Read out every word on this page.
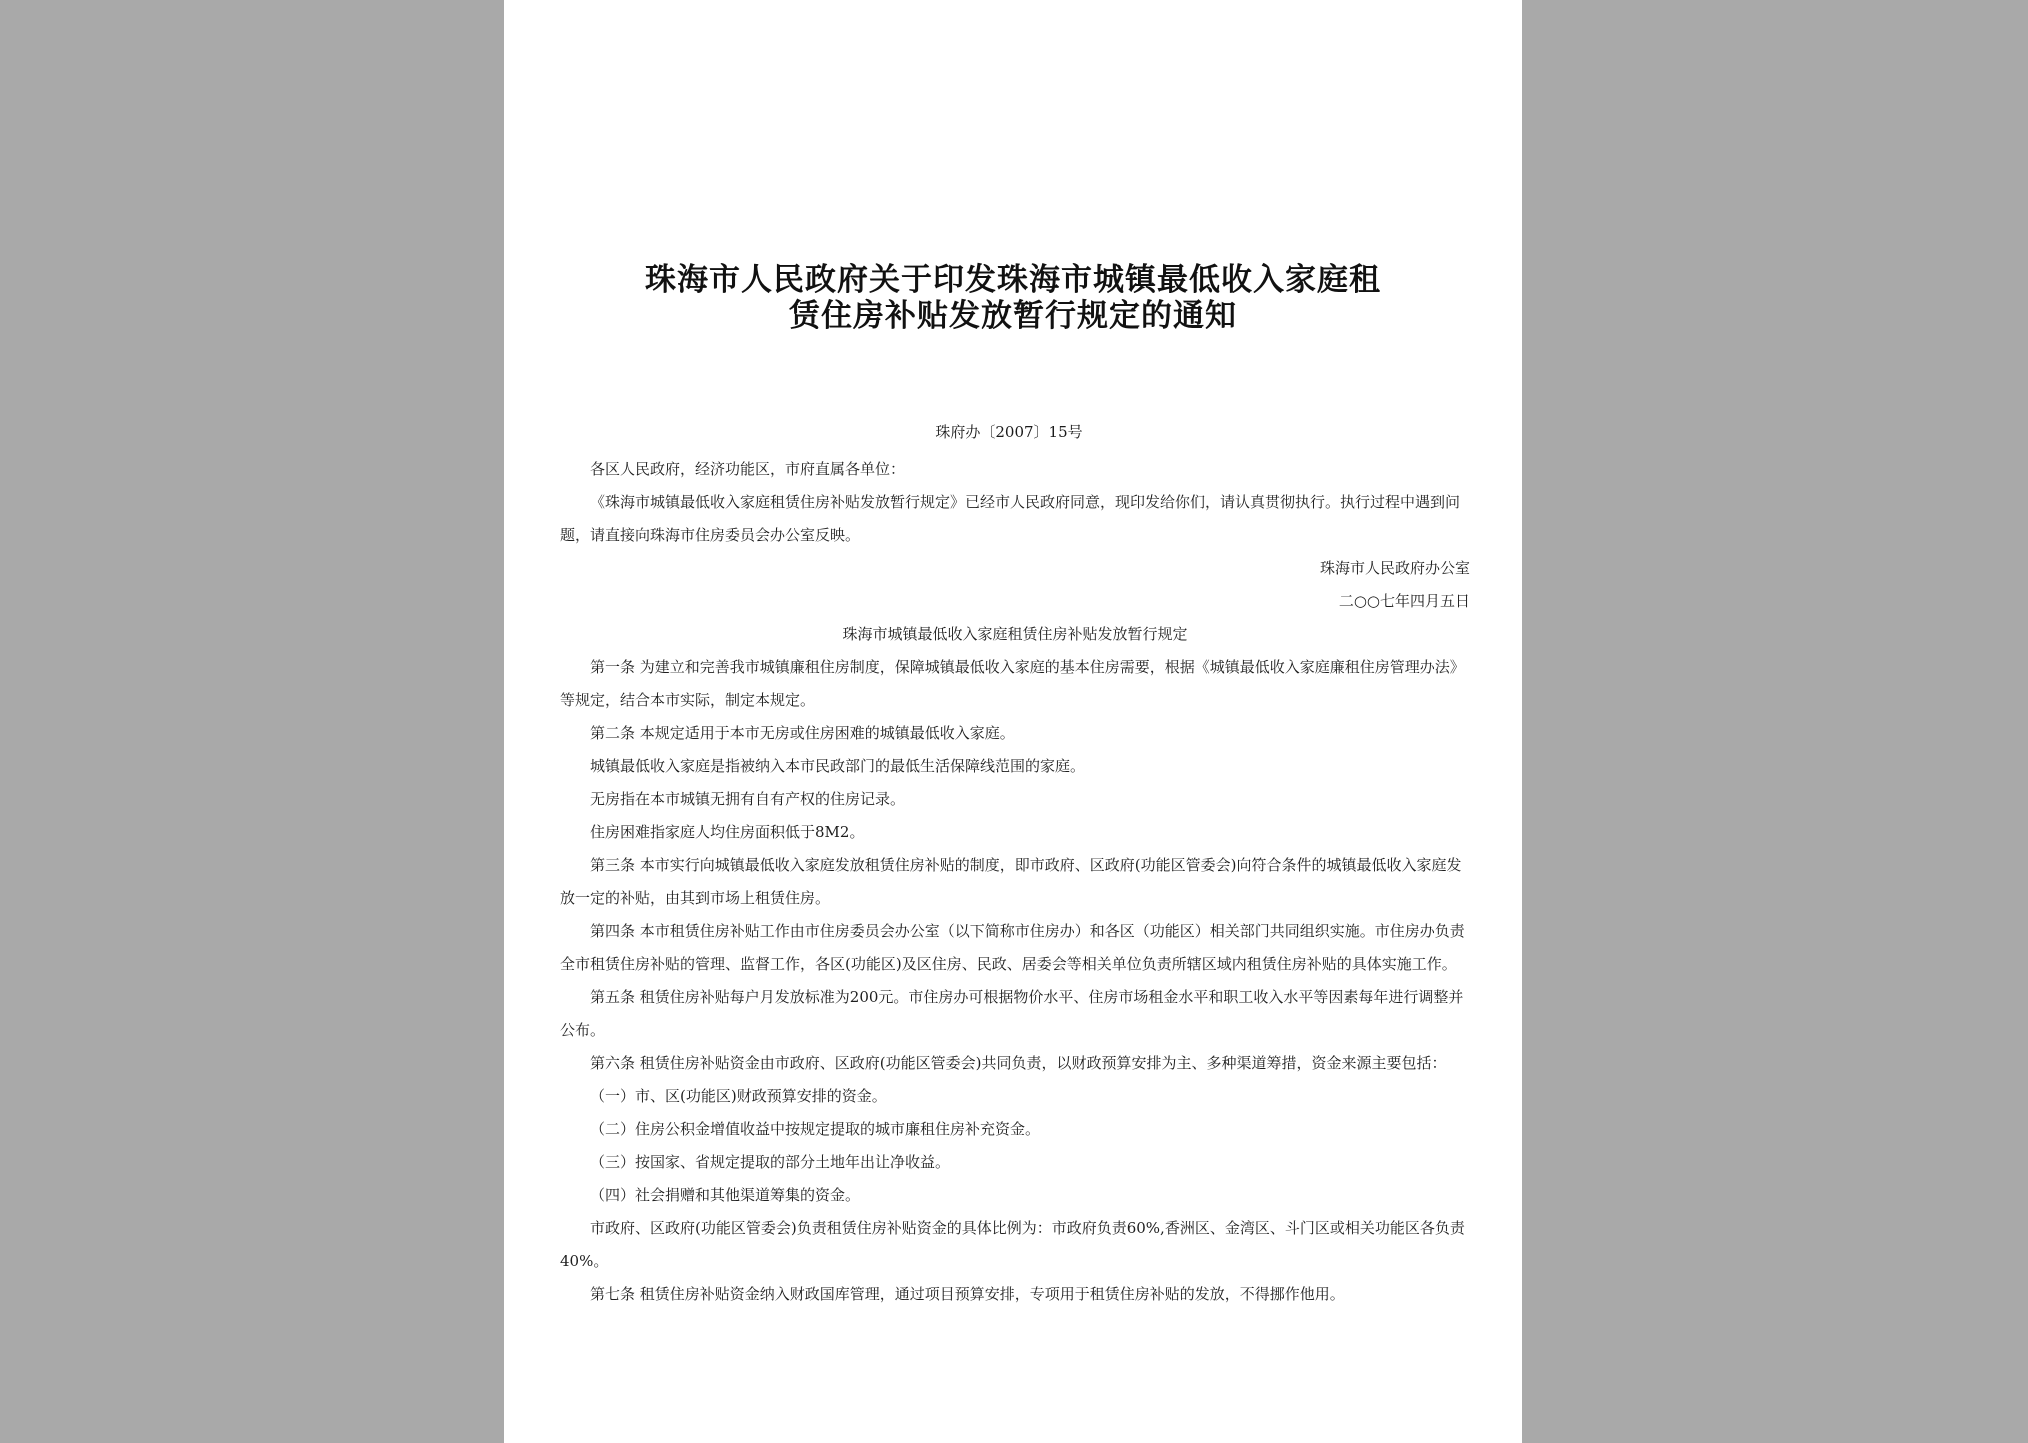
珠海市人民政府关于印发珠海市城镇最低收入家庭租
赁住房补贴发放暂行规定的通知
珠府办〔2007〕15号

各区人民政府，经济功能区，市府直属各单位：

《珠海市城镇最低收入家庭租赁住房补贴发放暂行规定》已经市人民政府同意，现印发给你们，请认真贯彻执行。执行过程中遇到问题，请直接向珠海市住房委员会办公室反映。

珠海市人民政府办公室

二○○七年四月五日

珠海市城镇最低收入家庭租赁住房补贴发放暂行规定

第一条 为建立和完善我市城镇廉租住房制度，保障城镇最低收入家庭的基本住房需要，根据《城镇最低收入家庭廉租住房管理办法》等规定，结合本市实际，制定本规定。

第二条 本规定适用于本市无房或住房困难的城镇最低收入家庭。

城镇最低收入家庭是指被纳入本市民政部门的最低生活保障线范围的家庭。

无房指在本市城镇无拥有自有产权的住房记录。

住房困难指家庭人均住房面积低于8M2。

第三条 本市实行向城镇最低收入家庭发放租赁住房补贴的制度，即市政府、区政府(功能区管委会)向符合条件的城镇最低收入家庭发放一定的补贴，由其到市场上租赁住房。

第四条 本市租赁住房补贴工作由市住房委员会办公室（以下简称市住房办）和各区（功能区）相关部门共同组织实施。市住房办负责全市租赁住房补贴的管理、监督工作，各区(功能区)及区住房、民政、居委会等相关单位负责所辖区域内租赁住房补贴的具体实施工作。

第五条 租赁住房补贴每户月发放标准为200元。市住房办可根据物价水平、住房市场租金水平和职工收入水平等因素每年进行调整并公布。

第六条 租赁住房补贴资金由市政府、区政府(功能区管委会)共同负责，以财政预算安排为主、多种渠道筹措，资金来源主要包括：

（一）市、区(功能区)财政预算安排的资金。

（二）住房公积金增值收益中按规定提取的城市廉租住房补充资金。

（三）按国家、省规定提取的部分土地年出让净收益。

（四）社会捐赠和其他渠道筹集的资金。

市政府、区政府(功能区管委会)负责租赁住房补贴资金的具体比例为：市政府负责60%,香洲区、金湾区、斗门区或相关功能区各负责40%。

第七条 租赁住房补贴资金纳入财政国库管理，通过项目预算安排，专项用于租赁住房补贴的发放，不得挪作他用。
